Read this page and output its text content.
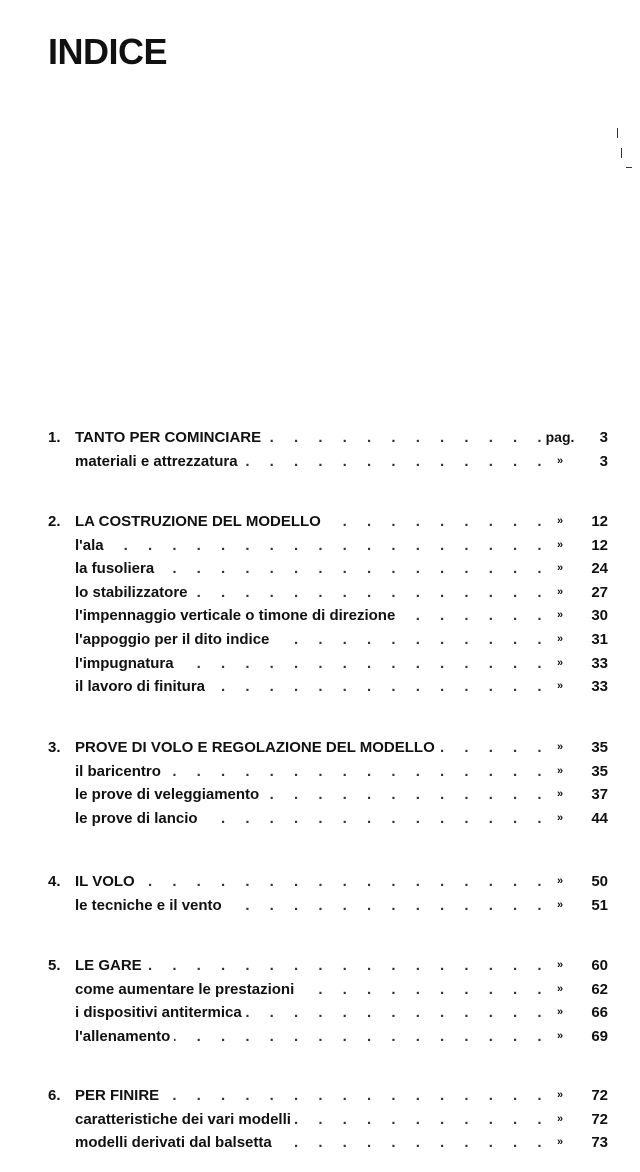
INDICE
1. TANTO PER COMINCIARE . . .	pag.	3
materiali e attrezzatura . . .	»	3
2. LA COSTRUZIONE DEL MODELLO . . .	»	12
l'ala . . .	»	12
la fusoliera . . .	»	24
lo stabilizzatore . . .	»	27
l'impennaggio verticale o timone di direzione . . .	»	30
l'appoggio per il dito indice . . .	»	31
l'impugnatura . . .	»	33
il lavoro di finitura . . .	»	33
3. PROVE DI VOLO E REGOLAZIONE DEL MODELLO . . .	»	35
il baricentro . . .	»	35
le prove di veleggiamento . . .	»	37
le prove di lancio . . .	»	44
4. IL VOLO . . .	»	50
le tecniche e il vento . . .	»	51
5. LE GARE . . .	»	60
come aumentare le prestazioni . . .	»	62
i dispositivi antitermica . . .	»	66
l'allenamento . . .	»	69
6. PER FINIRE . . .	»	72
caratteristiche dei vari modelli . . .	»	72
modelli derivati dal balsetta . . .	»	73
